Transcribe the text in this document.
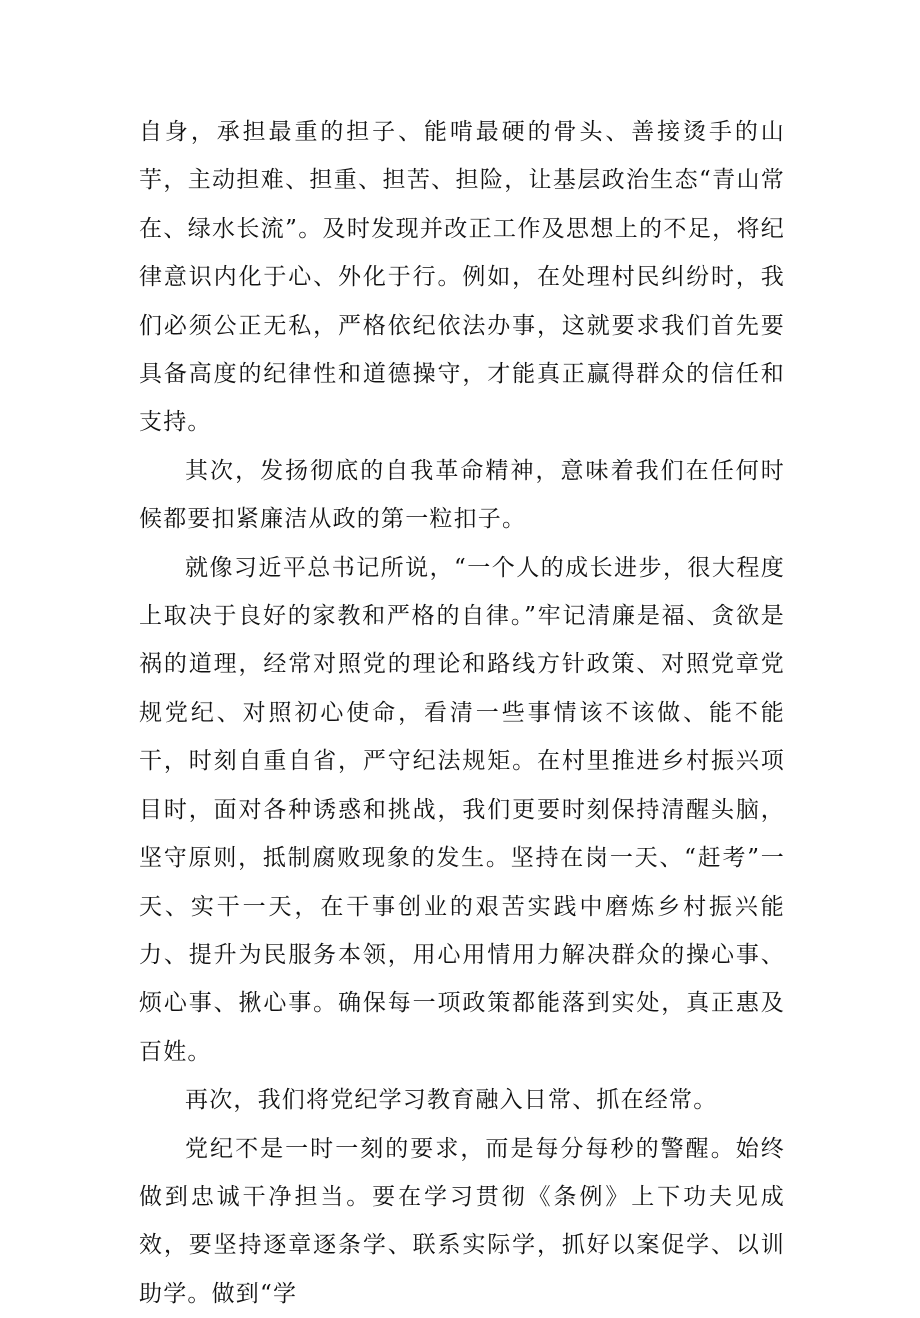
自身，承担最重的担子、能啃最硬的骨头、善接烫手的山芋，主动担难、担重、担苦、担险，让基层政治生态“青山常在、绿水长流”。及时发现并改正工作及思想上的不足，将纪律意识内化于心、外化于行。例如，在处理村民纠纷时，我们必须公正无私，严格依纪依法办事，这就要求我们首先要具备高度的纪律性和道德操守，才能真正赢得群众的信任和支持。

其次，发扬彻底的自我革命精神，意味着我们在任何时候都要扣紧廉洁从政的第一粒扣子。

就像习近平总书记所说，“一个人的成长进步，很大程度上取决于良好的家教和严格的自律。”牢记清廉是福、贪欲是祸的道理，经常对照党的理论和路线方针政策、对照党章党规党纪、对照初心使命，看清一些事情该不该做、能不能干，时刻自重自省，严守纪法规矩。在村里推进乡村振兴项目时，面对各种诱惑和挑战，我们更要时刻保持清醒头脑，坚守原则，抵制腐败现象的发生。坚持在岗一天、“赶考”一天、实干一天，在干事创业的艰苦实践中磨炼乡村振兴能力、提升为民服务本领，用心用情用力解决群众的操心事、烦心事、揪心事。确保每一项政策都能落到实处，真正惠及百姓。

再次，我们将党纪学习教育融入日常、抓在经常。

党纪不是一时一刻的要求，而是每分每秒的警醒。始终做到忠诚干净担当。要在学习贯彻《条例》上下功夫见成效，要坚持逐章逐条学、联系实际学，抓好以案促学、以训助学。做到“学
